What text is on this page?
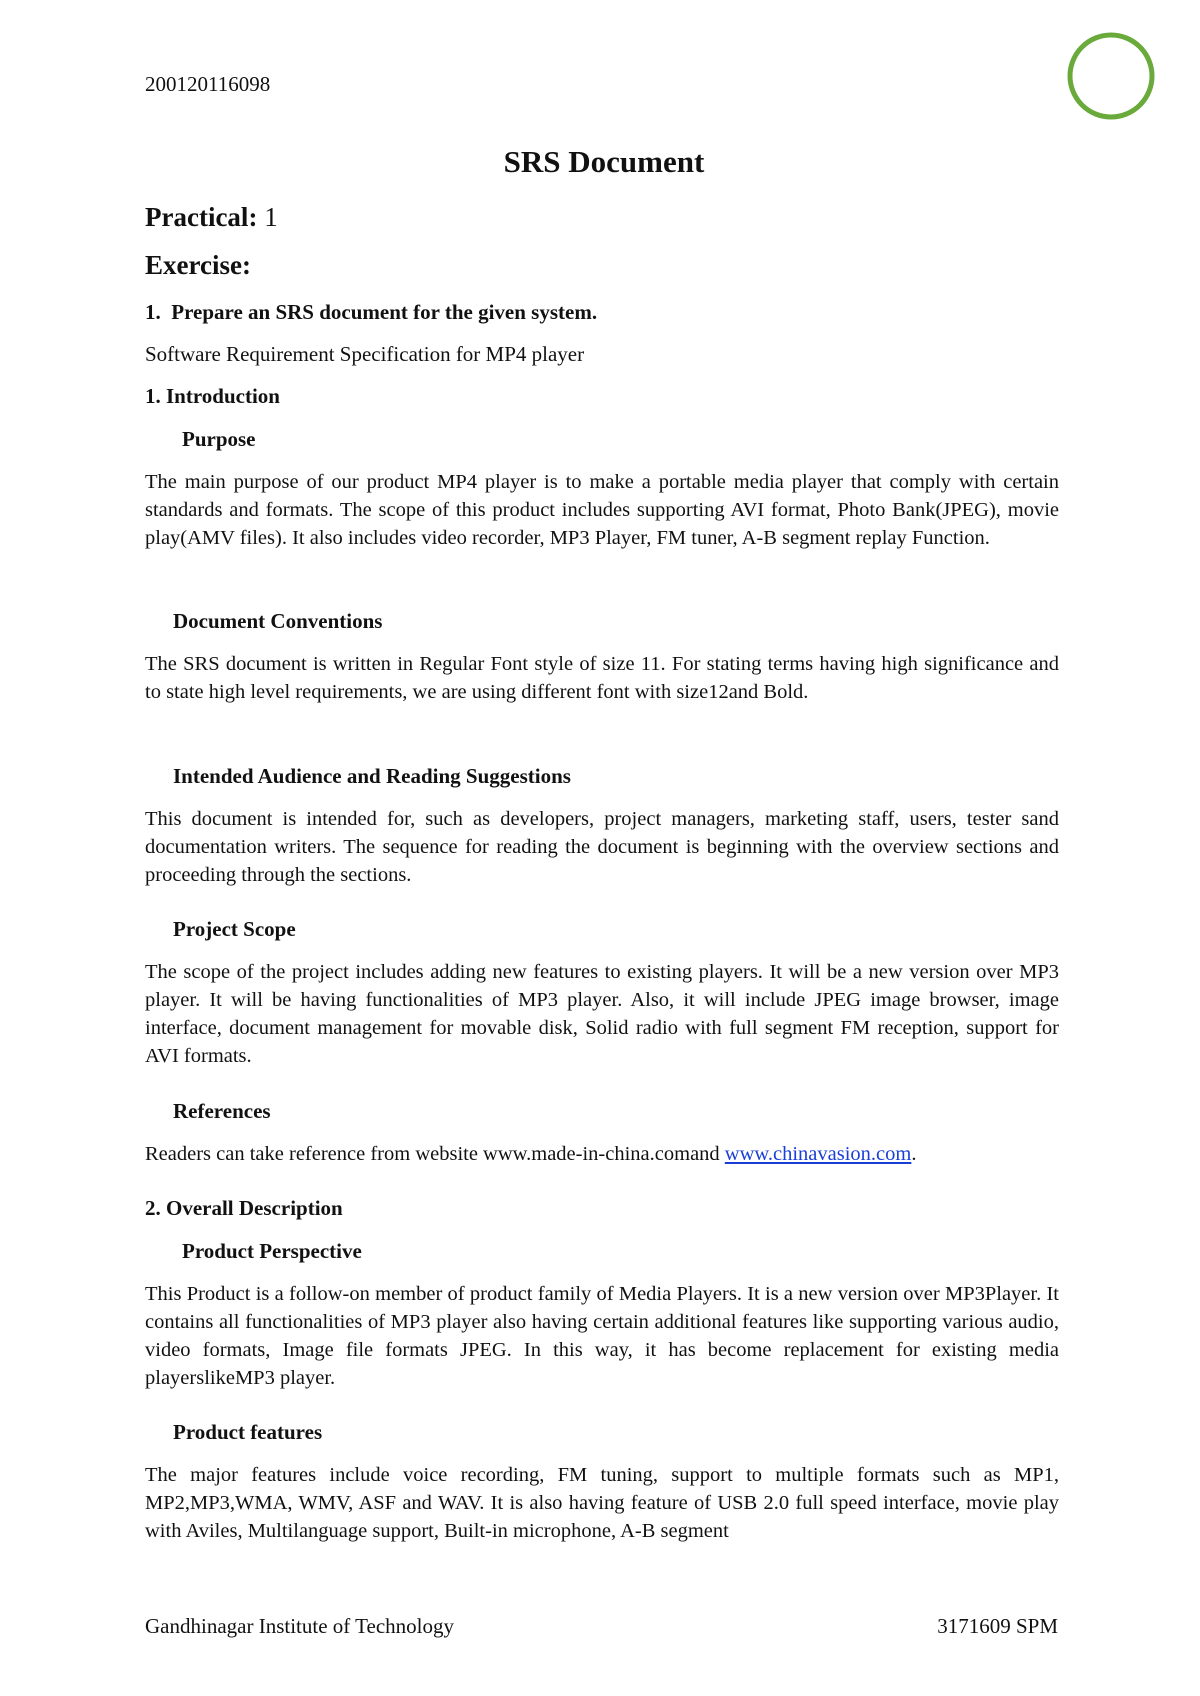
200120116098
SRS Document
Practical: 1
Exercise:
1.  Prepare an SRS document for the given system.
Software Requirement Specification for MP4 player
1. Introduction
Purpose
The main purpose of our product MP4 player is to make a portable media player that comply with certain standards and formats. The scope of this product includes supporting AVI format, Photo Bank(JPEG), movie play(AMV files). It also includes video recorder, MP3 Player, FM tuner, A-B segment replay Function.
Document Conventions
The SRS document is written in Regular Font style of size 11. For stating terms having high significance and to state high level requirements, we are using different font with size12and Bold.
Intended Audience and Reading Suggestions
This document is intended for, such as developers, project managers, marketing staff, users, tester sand documentation writers. The sequence for reading the document is beginning with the overview sections and proceeding through the sections.
Project Scope
The scope of the project includes adding new features to existing players. It will be a new version over MP3 player. It will be having functionalities of MP3 player. Also, it will include JPEG image browser, image interface, document management for movable disk, Solid radio with full segment FM reception, support for AVI formats.
References
Readers can take reference from website www.made-in-china.comand www.chinavasion.com.
2. Overall Description
Product Perspective
This Product is a follow-on member of product family of Media Players. It is a new version over MP3Player. It contains all functionalities of MP3 player also having certain additional features like supporting various audio, video formats, Image file formats JPEG. In this way, it has become replacement for existing media playerslikeMP3 player.
Product features
The major features include voice recording, FM tuning, support to multiple formats such as MP1, MP2,MP3,WMA, WMV, ASF and WAV. It is also having feature of USB 2.0 full speed interface, movie play with Aviles, Multilanguage support, Built-in microphone, A-B segment
Gandhinagar Institute of Technology	3171609 SPM
